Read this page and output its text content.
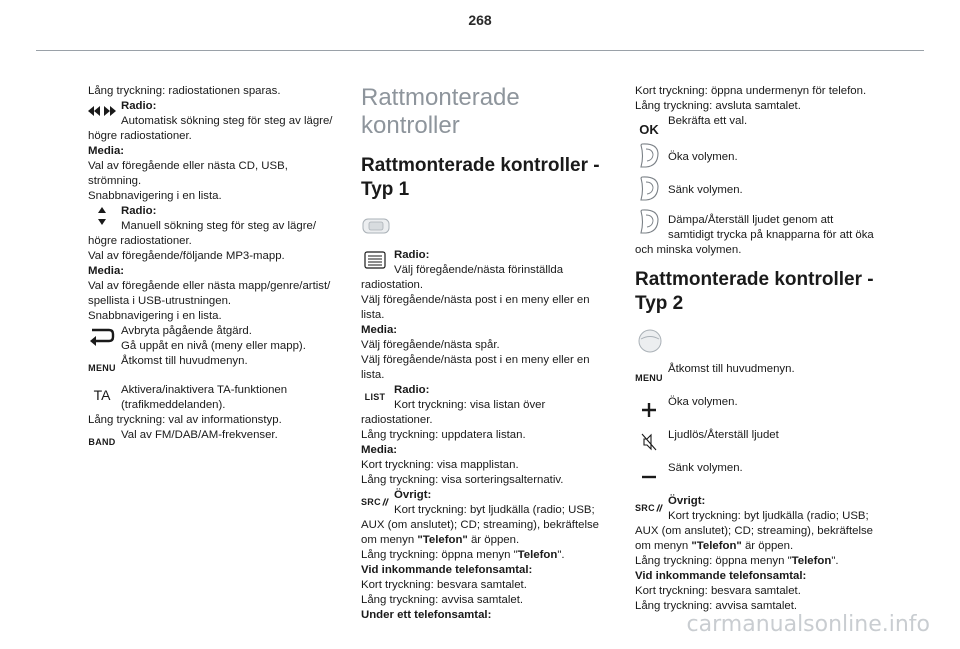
268

Lång tryckning: radiostationen sparas.

Radio:

Automatisk sökning steg för steg av lägre/

högre radiostationer.

Media:

Val av föregående eller nästa CD, USB,

strömning.

Snabbnavigering i en lista.

Radio:

Manuell sökning steg för steg av lägre/

högre radiostationer.

Val av föregående/följande MP3-mapp.

Media:

Val av föregående eller nästa mapp/genre/artist/

spellista i USB-utrustningen.

Snabbnavigering i en lista.

Avbryta pågående åtgärd.

Gå uppåt en nivå (meny eller mapp).

MENU

Åtkomst till huvudmenyn.

TA Aktivera/inaktivera TA-funktionen

(trafikmeddelanden).

Lång tryckning: val av informationstyp.

BAND

Val av FM/DAB/AM-frekvenser.

Rattmonterade kontroller
Rattmonterade kontroller -
Typ 1

Radio:

Välj föregående/nästa förinställda

radiostation.

Välj föregående/nästa post i en meny eller en

lista.

Media:

Välj föregående/nästa spår.

Välj föregående/nästa post i en meny eller en

lista.

LIST

Radio:

Kort tryckning: visa listan över

radiostationer.

Lång tryckning: uppdatera listan.

Media:

Kort tryckning: visa mapplistan.

Lång tryckning: visa sorteringsalternativ.

SRC

Övrigt:

Kort tryckning: byt ljudkälla (radio; USB;

AUX (om anslutet); CD; streaming), bekräftelse

om menyn "Telefon" är öppen.

Lång tryckning: öppna menyn "Telefon".

Vid inkommande telefonsamtal:

Kort tryckning: besvara samtalet.

Lång tryckning: avvisa samtalet.

Under ett telefonsamtal:

Kort tryckning: öppna undermenyn för telefon.

Lång tryckning: avsluta samtalet.

OK

Bekräfta ett val.

Öka volymen.

Sänk volymen.

Dämpa/Återställ ljudet genom att

samtidigt trycka på knapparna för att öka

och minska volymen.

Rattmonterade kontroller -
Typ 2
MENU

Åtkomst till huvudmenyn.

Öka volymen.

Ljudlös/Återställ ljudet

Sänk volymen.

SRC

Övrigt:

Kort tryckning: byt ljudkälla (radio; USB;

AUX (om anslutet); CD; streaming), bekräftelse

om menyn "Telefon" är öppen.

Lång tryckning: öppna menyn "Telefon".

Vid inkommande telefonsamtal:

Kort tryckning: besvara samtalet.

Lång tryckning: avvisa samtalet.

carmanualsonline.info
